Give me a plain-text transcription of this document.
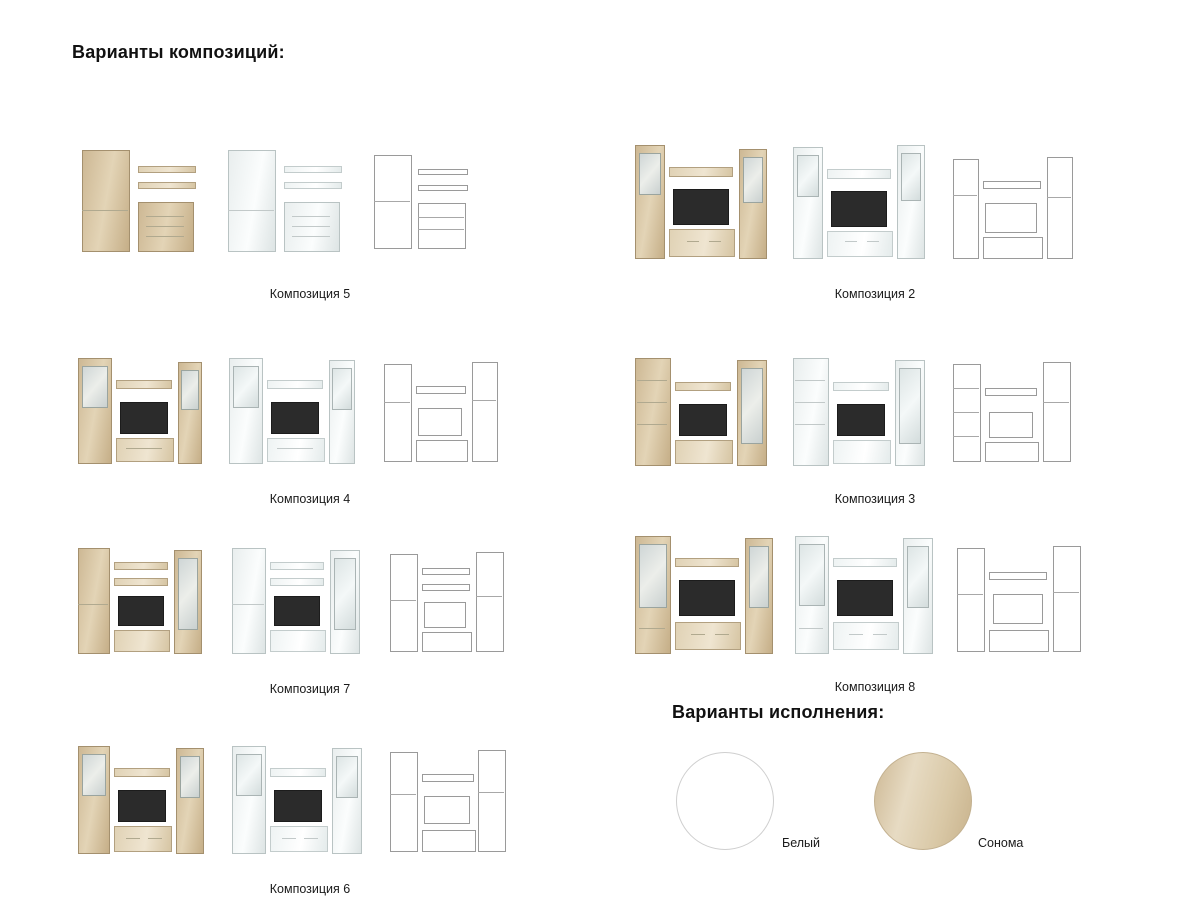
Варианты композиций:
Варианты исполнения:
Композиция 5	Композиция 2
Композиция 4	Композиция 3
Композиция 7	Композиция 8
Композиция 6
Белый	Сонома
